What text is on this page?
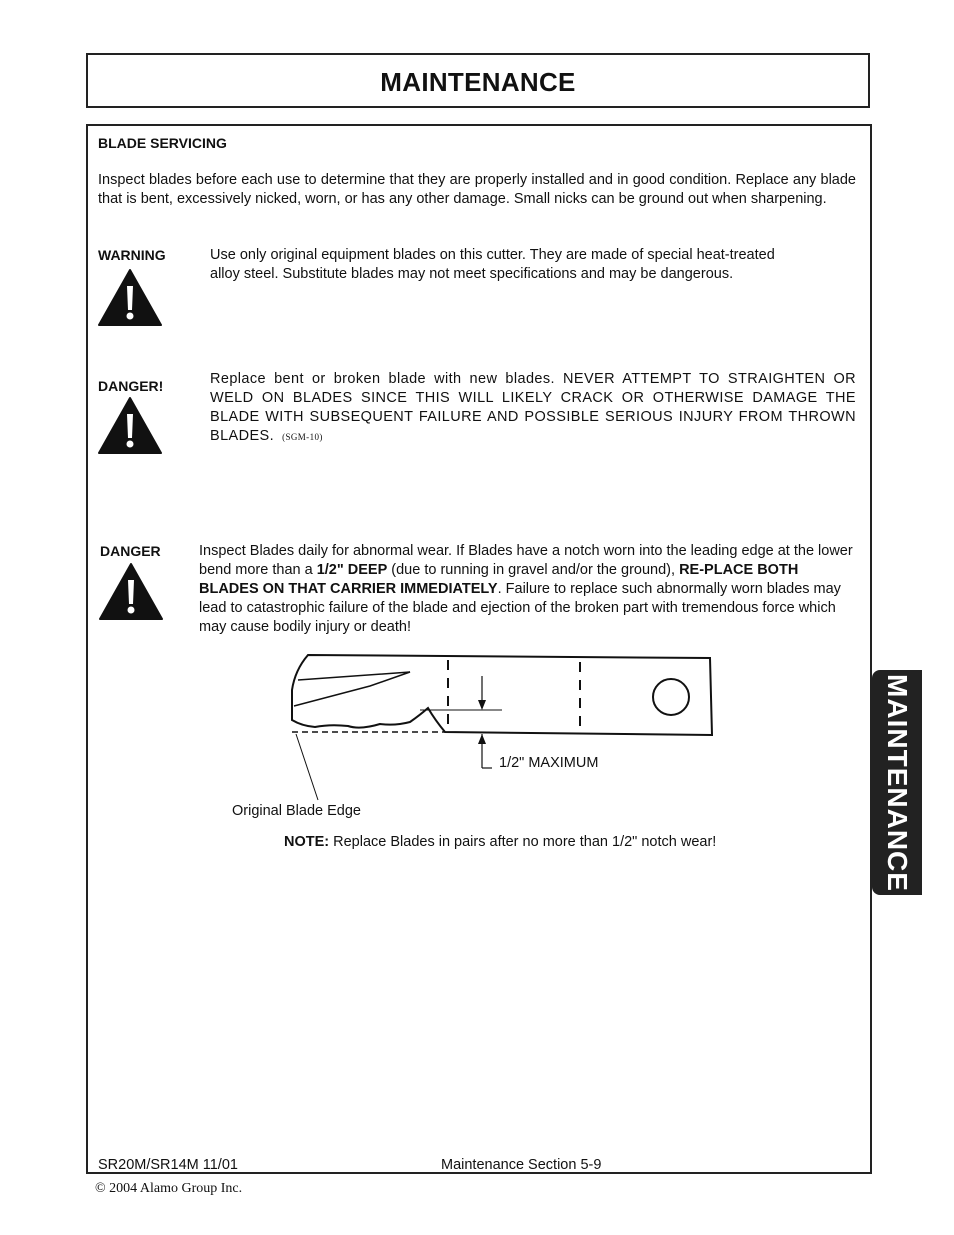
MAINTENANCE
BLADE SERVICING
Inspect blades before each use to determine that they are properly installed and in good condition. Replace any blade that is bent, excessively nicked, worn, or has any other damage. Small nicks can be ground out when sharpening.
WARNING	Use only original equipment blades on this cutter. They are made of special heat-treated
alloy steel. Substitute blades may not meet specifications and may be dangerous.
DANGER!	Replace bent or broken blade with new blades. NEVER ATTEMPT TO STRAIGHTEN OR WELD ON BLADES SINCE THIS WILL LIKELY CRACK OR OTHERWISE DAMAGE THE BLADE WITH SUBSEQUENT FAILURE AND POSSIBLE SERIOUS INJURY FROM THROWN BLADES. (SGM-10)
DANGER	Inspect Blades daily for abnormal wear. If Blades have a notch worn into the leading edge at the lower bend more than a 1/2" DEEP (due to running in gravel and/or the ground), RE-PLACE BOTH BLADES ON THAT CARRIER IMMEDIATELY. Failure to replace such abnormally worn blades may lead to catastrophic failure of the blade and ejection of the broken part with tremendous force which may cause bodily injury or death!
1/2" MAXIMUM
Original Blade Edge
NOTE: Replace Blades in pairs after no more than 1/2" notch wear!	MAINTENANCE
SR20M/SR14M 11/01	Maintenance Section 5-9
© 2004 Alamo Group Inc.
